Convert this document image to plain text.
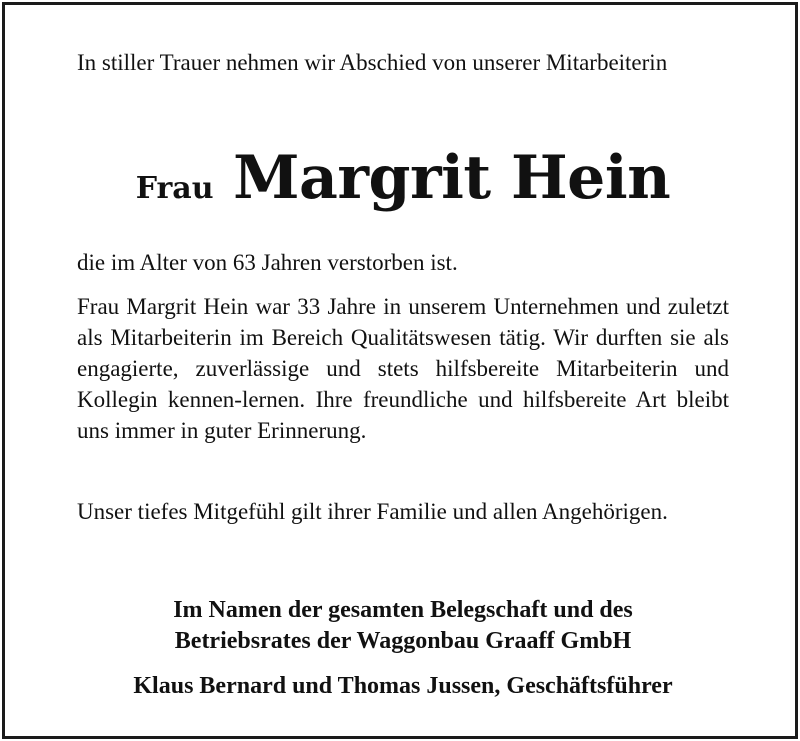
In stiller Trauer nehmen wir Abschied von unserer Mitarbeiterin

Frau Margrit Hein

die im Alter von 63 Jahren verstorben ist.

Frau Margrit Hein war 33 Jahre in unserem Unternehmen und zuletzt als Mitarbeiterin im Bereich Qualitätswesen tätig. Wir durften sie als engagierte, zuverlässige und stets hilfsbereite Mitarbeiterin und Kollegin kennen-lernen. Ihre freundliche und hilfsbereite Art bleibt uns immer in guter Erinnerung.

Unser tiefes Mitgefühl gilt ihrer Familie und allen Angehörigen.

Im Namen der gesamten Belegschaft und des
Betriebsrates der Waggonbau Graaff GmbH
Klaus Bernard und Thomas Jussen, Geschäftsführer
